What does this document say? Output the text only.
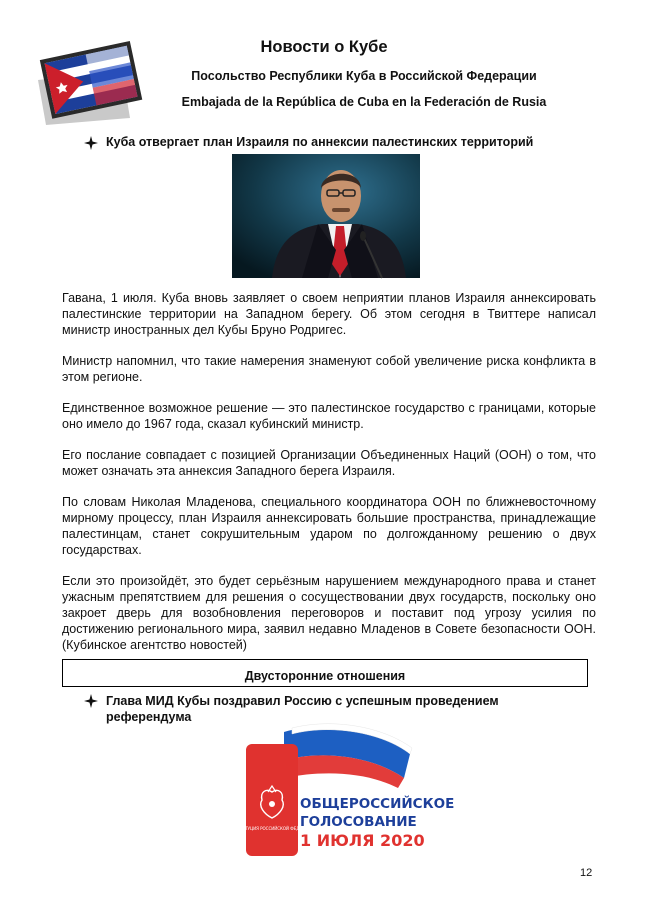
Новости о Кубе
Посольство Республики Куба в Российской Федерации
Embajada de la República de Cuba en la Federación de Rusia
Куба отвергает план Израиля по аннексии палестинских территорий

Гавана, 1 июля. Куба вновь заявляет о своем неприятии планов Израиля аннексировать палестинские территории на Западном берегу. Об этом сегодня в Твиттере написал министр иностранных дел Кубы Бруно Родригес.

Министр напомнил, что такие намерения знаменуют собой увеличение риска конфликта в этом регионе.

Единственное возможное решение — это палестинское государство с границами, которые оно имело до 1967 года, сказал кубинский министр.

Его послание совпадает с позицией Организации Объединенных Наций (ООН) о том, что может означать эта аннексия Западного берега Израиля.

По словам Николая Младенова, специального координатора ООН по ближневосточному мирному процессу, план Израиля аннексировать большие пространства, принадлежащие палестинцам, станет сокрушительным ударом по долгожданному решению о двух государствах.

Если это произойдёт, это будет серьёзным нарушением международного права и станет ужасным препятствием для решения о сосуществовании двух государств, поскольку оно закроет дверь для возобновления переговоров и поставит под угрозу усилия по достижению регионального мира, заявил недавно Младенов в Совете безопасности ООН. (Кубинское агентство новостей)

Двусторонние отношения
Глава МИД Кубы поздравил Россию с успешным проведением референдума
КОНСТИТУЦИЯ РОССИЙСКОЙ ФЕДЕРАЦИИ
ОБЩЕРОССИЙСКОЕ
ГОЛОСОВАНИЕ
1 ИЮЛЯ 2020
12
